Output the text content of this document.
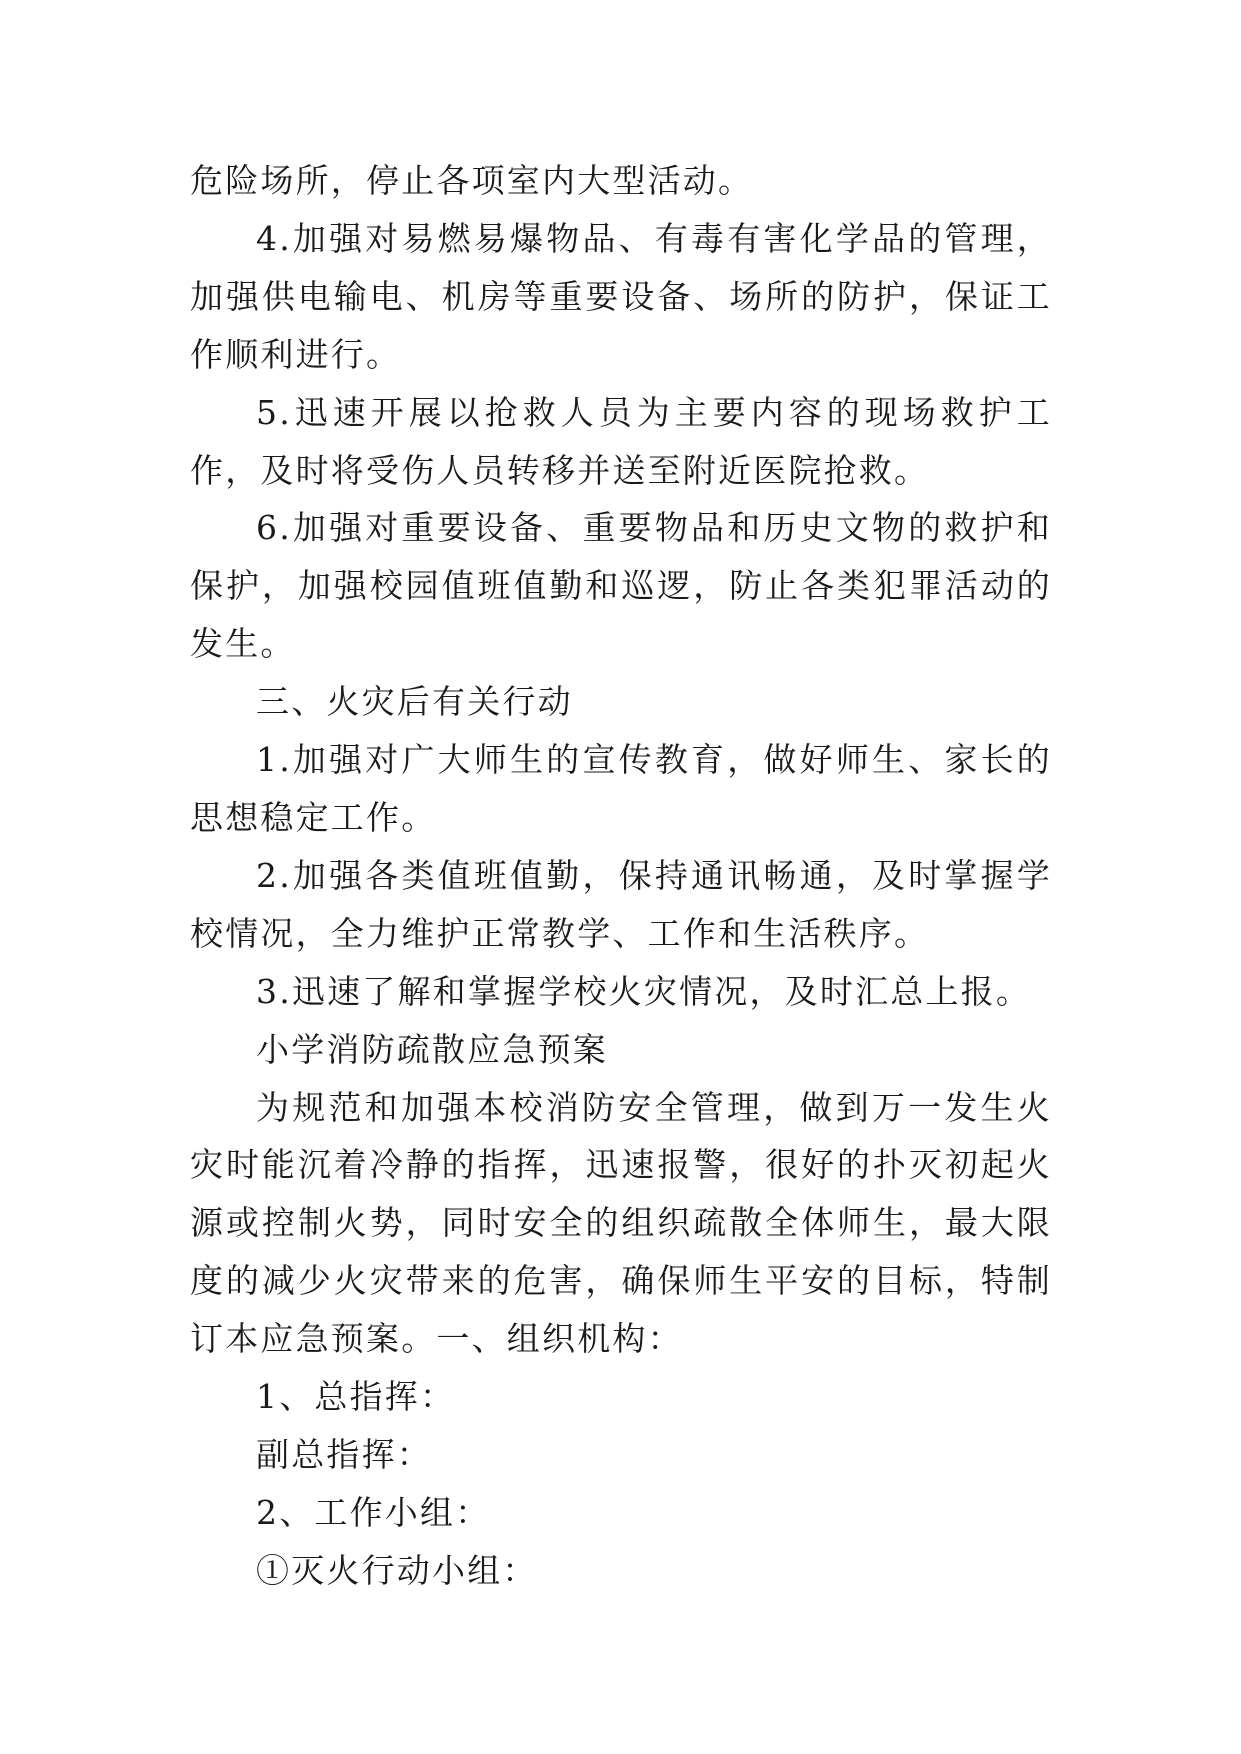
危险场所，停止各项室内大型活动。

4.加强对易燃易爆物品、有毒有害化学品的管理，加强供电输电、机房等重要设备、场所的防护，保证工作顺利进行。

5.迅速开展以抢救人员为主要内容的现场救护工作，及时将受伤人员转移并送至附近医院抢救。

6.加强对重要设备、重要物品和历史文物的救护和保护，加强校园值班值勤和巡逻，防止各类犯罪活动的发生。

三、火灾后有关行动

1.加强对广大师生的宣传教育，做好师生、家长的思想稳定工作。

2.加强各类值班值勤，保持通讯畅通，及时掌握学校情况，全力维护正常教学、工作和生活秩序。

3.迅速了解和掌握学校火灾情况，及时汇总上报。

小学消防疏散应急预案

为规范和加强本校消防安全管理，做到万一发生火灾时能沉着冷静的指挥，迅速报警，很好的扑灭初起火源或控制火势，同时安全的组织疏散全体师生，最大限度的减少火灾带来的危害，确保师生平安的目标，特制订本应急预案。一、组织机构：

1、总指挥：

副总指挥：

2、工作小组：

①灭火行动小组：
